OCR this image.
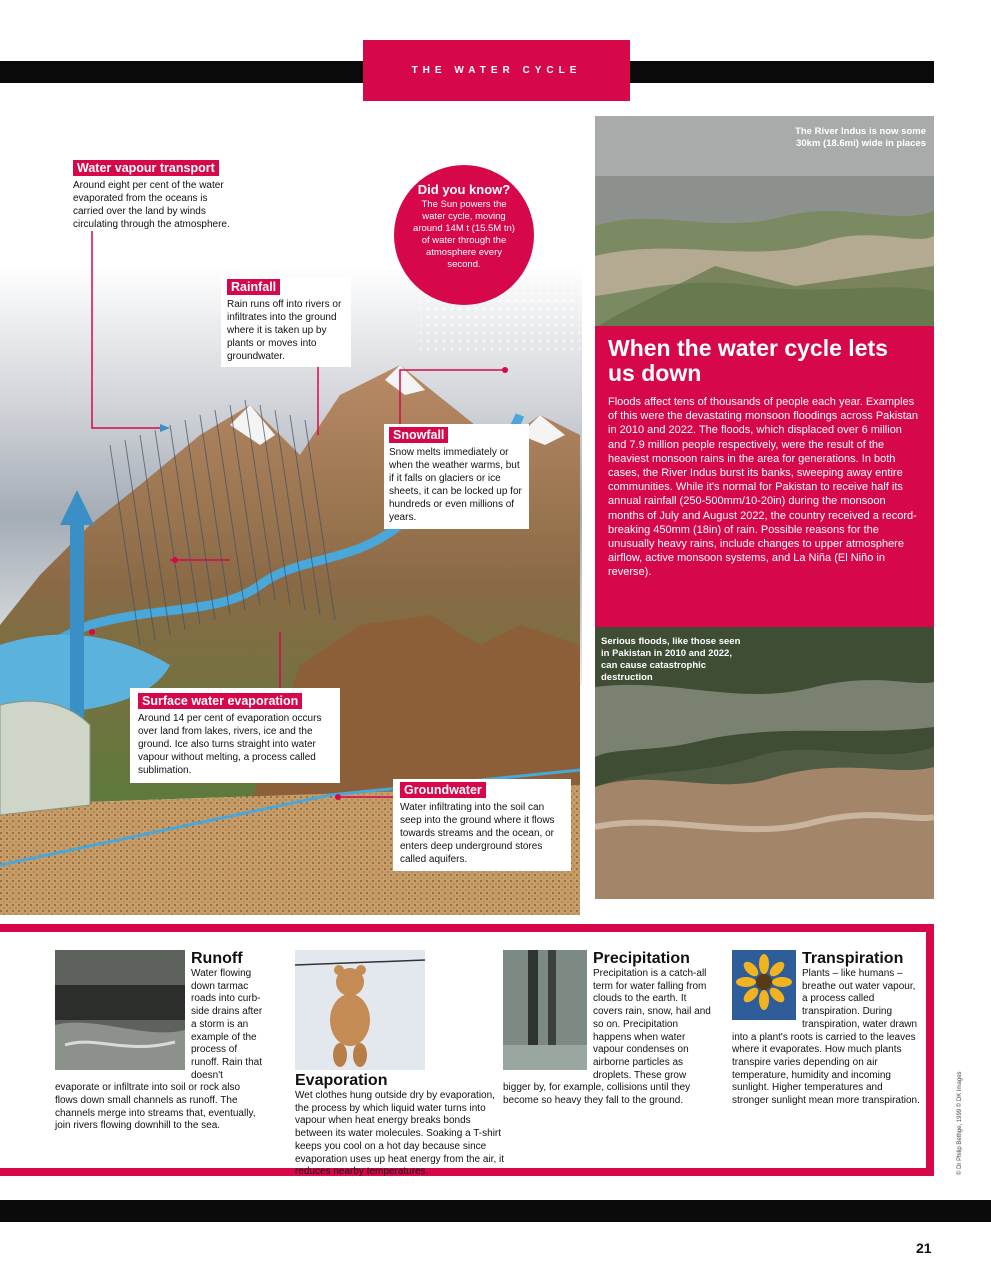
THE WATER CYCLE
Water vapour transport
Around eight per cent of the water evaporated from the oceans is carried over the land by winds circulating through the atmosphere.
Did you know?
The Sun powers the water cycle, moving around 14M t (15.5M tn) of water through the atmosphere every second.
Rainfall
Rain runs off into rivers or infiltrates into the ground where it is taken up by plants or moves into groundwater.
Snowfall
Snow melts immediately or when the weather warms, but if it falls on glaciers or ice sheets, it can be locked up for hundreds or even millions of years.
Surface water evaporation
Around 14 per cent of evaporation occurs over land from lakes, rivers, ice and the ground. Ice also turns straight into water vapour without melting, a process called sublimation.
Groundwater
Water infiltrating into the soil can seep into the ground where it flows towards streams and the ocean, or enters deep underground stores called aquifers.
The River Indus is now some 30km (18.6mi) wide in places
When the water cycle lets us down
Floods affect tens of thousands of people each year. Examples of this were the devastating monsoon floodings across Pakistan in 2010 and 2022. The floods, which displaced over 6 million and 7.9 million people respectively, were the result of the heaviest monsoon rains in the area for generations. In both cases, the River Indus burst its banks, sweeping away entire communities. While it's normal for Pakistan to receive half its annual rainfall (250-500mm/10-20in) during the monsoon months of July and August 2022, the country received a record-breaking 450mm (18in) of rain. Possible reasons for the unusually heavy rains, include changes to upper atmosphere airflow, active monsoon systems, and La Niña (El Niño in reverse).
Serious floods, like those seen in Pakistan in 2010 and 2022, can cause catastrophic destruction
Runoff
Water flowing down tarmac roads into curb-side drains after a storm is an example of the process of runoff. Rain that doesn't evaporate or infiltrate into soil or rock also flows down small channels as runoff. The channels merge into streams that, eventually, join rivers flowing downhill to the sea.
Evaporation
Wet clothes hung outside dry by evaporation, the process by which liquid water turns into vapour when heat energy breaks bonds between its water molecules. Soaking a T-shirt keeps you cool on a hot day because since evaporation uses up heat energy from the air, it reduces nearby temperatures.
Precipitation
Precipitation is a catch-all term for water falling from clouds to the earth. It covers rain, snow, hail and so on. Precipitation happens when water vapour condenses on airborne particles as droplets. These grow bigger by, for example, collisions until they become so heavy they fall to the ground.
Transpiration
Plants – like humans – breathe out water vapour, a process called transpiration. During transpiration, water drawn into a plant's roots is carried to the leaves where it evaporates. How much plants transpire varies depending on air temperature, humidity and incoming sunlight. Higher temperatures and stronger sunlight mean more transpiration.	© Dr Philip Bethge, 1999 © DK Images
21
